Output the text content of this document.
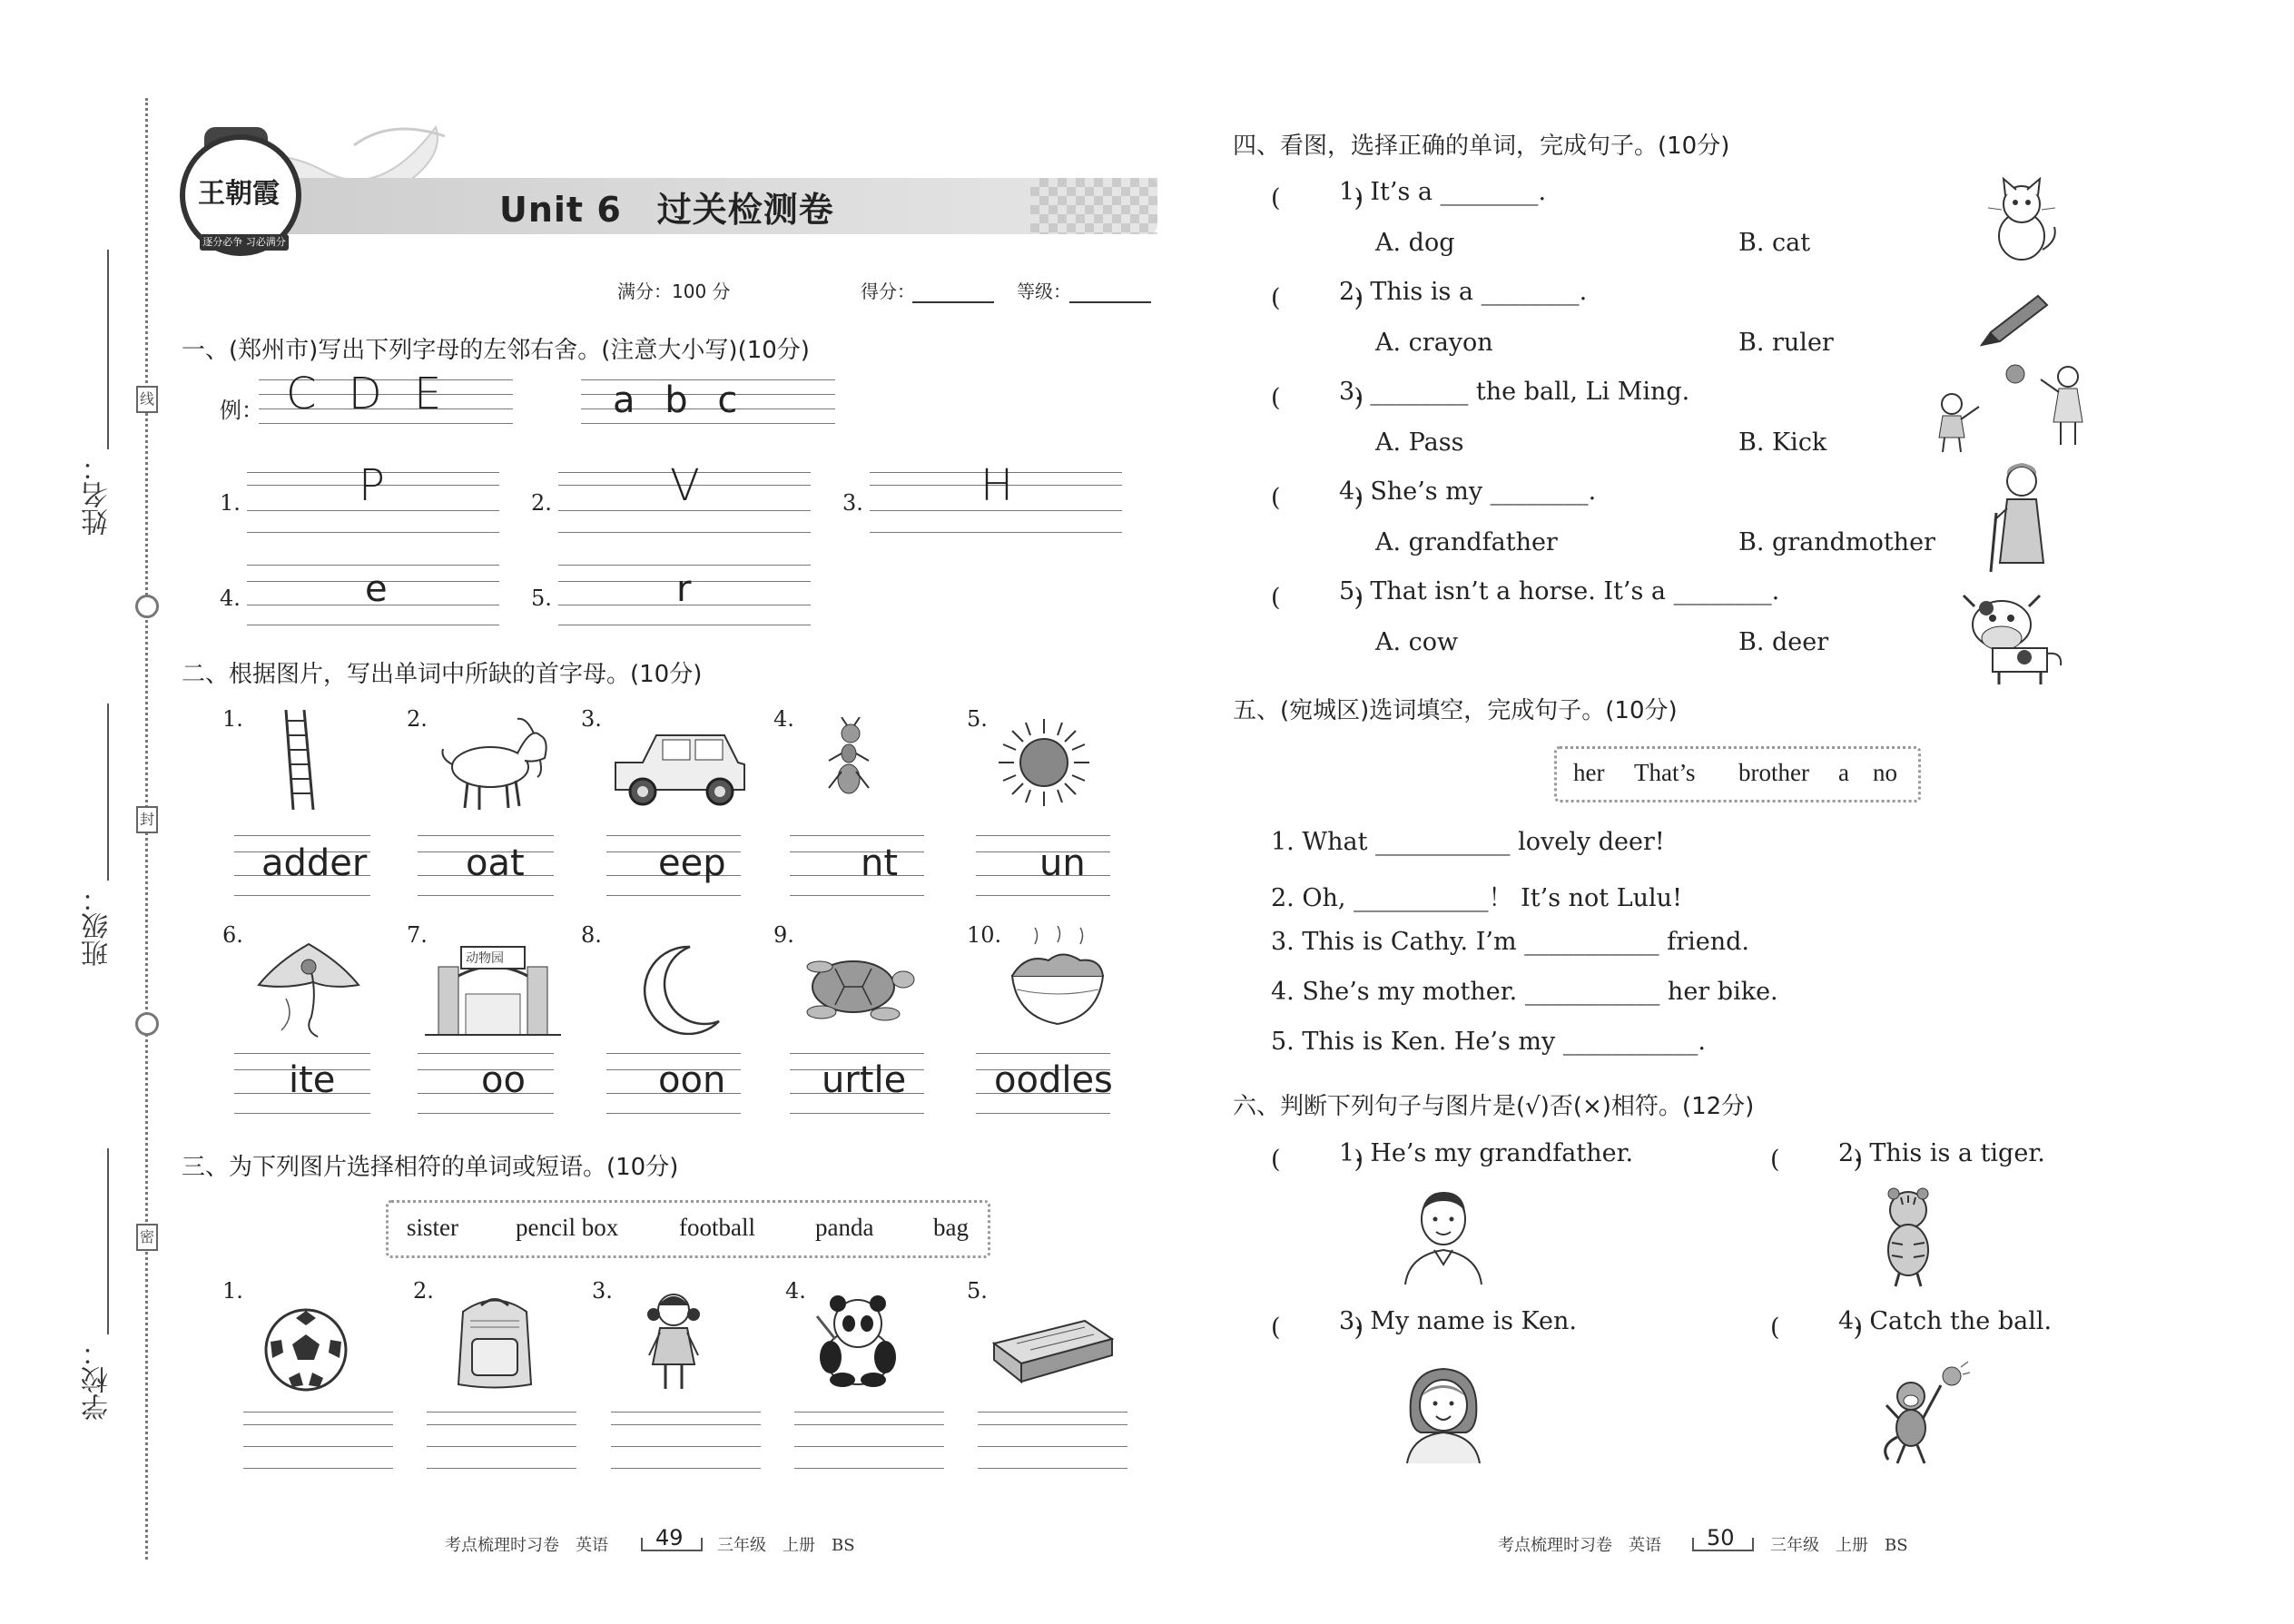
姓名：
班级：
学校：
线
封
密
王朝霞
逐分必争 习必满分
Unit 6　过关检测卷
满分：100 分	得分：	等级：
一、(郑州市)写出下列字母的左邻右舍。(注意大小写)(10分)
例： C D E	a b c
1.	P	2.	V	3.	H
4.	e	5.	r
二、根据图片，写出单词中所缺的首字母。(10分)
1.	2.	3.	4.	5.
adder	oat	eep	nt	un
6.	7.	8.	9.	10.
动物园
ite	oo	oon	urtle oodles
三、为下列图片选择相符的单词或短语。(10分)
sister pencil box football panda bag
1.	2.	3.	4.	5.
考点梳理时习卷　英语 49 三年级　上册　BS
四、看图，选择正确的单词，完成句子。(10分)
(　　　)
1. It’s a ________.
A. dog	B. cat
(　　　)
2. This is a ________.
A. crayon	B. ruler
(　　　)
3. ________ the ball, Li Ming.
A. Pass	B. Kick
(　　　)
4. She’s my ________.
A. grandfather	B. grandmother
(　　　)
5. That isn’t a horse. It’s a ________.
A. cow	B. deer
五、(宛城区)选词填空，完成句子。(10分)
her That’s brother a no
1. What ___________ lovely deer!
2. Oh, ___________！ It’s not Lulu!
3. This is Cathy. I’m ___________ friend.
4. She’s my mother. ___________ her bike.
5. This is Ken. He’s my ___________.
六、判断下列句子与图片是(√)否(×)相符。(12分)
(　　　)
1. He’s my grandfather.	(　　　)
2. This is a tiger.
(　　　)
3. My name is Ken.	(　　　)
4. Catch the ball.
考点梳理时习卷　英语 50 三年级　上册　BS
